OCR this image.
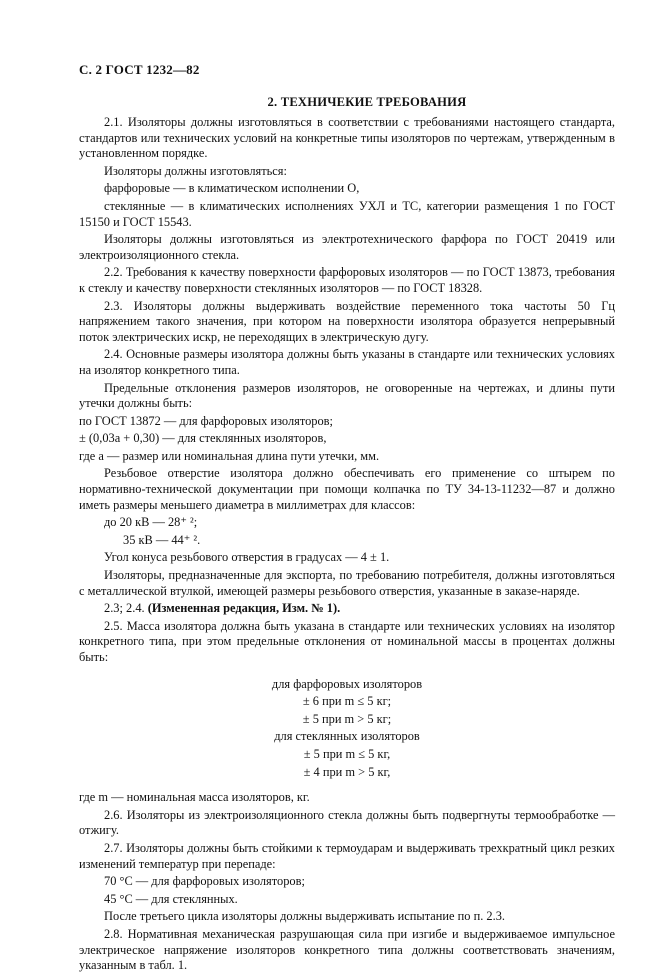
С. 2 ГОСТ 1232—82
2. ТЕХНИЧЕКИЕ ТРЕБОВАНИЯ

2.1. Изоляторы должны изготовляться в соответствии с требованиями настоящего стандарта, стандартов или технических условий на конкретные типы изоляторов по чертежам, утвержденным в установленном порядке.

Изоляторы должны изготовляться:

фарфоровые — в климатическом исполнении О,

стеклянные — в климатических исполнениях УХЛ и ТС, категории размещения 1 по ГОСТ 15150 и ГОСТ 15543.

Изоляторы должны изготовляться из электротехнического фарфора по ГОСТ 20419 или электроизоляционного стекла.

2.2. Требования к качеству поверхности фарфоровых изоляторов — по ГОСТ 13873, требования к стеклу и качеству поверхности стеклянных изоляторов — по ГОСТ 18328.

2.3. Изоляторы должны выдерживать воздействие переменного тока частоты 50 Гц напряжением такого значения, при котором на поверхности изолятора образуется непрерывный поток электрических искр, не переходящих в электрическую дугу.

2.4. Основные размеры изолятора должны быть указаны в стандарте или технических условиях на изолятор конкретного типа.

Предельные отклонения размеров изоляторов, не оговоренные на чертежах, и длины пути утечки должны быть:

по ГОСТ 13872 — для фарфоровых изоляторов;

± (0,03а + 0,30) — для стеклянных изоляторов,

где а — размер или номинальная длина пути утечки, мм.

Резьбовое отверстие изолятора должно обеспечивать его применение со штырем по нормативно-технической документации при помощи колпачка по ТУ 34-13-11232—87 и должно иметь размеры меньшего диаметра в миллиметрах для классов:

до 20 кВ — 28⁺ ²;

35 кВ — 44⁺ ².

Угол конуса резьбового отверстия в градусах — 4 ± 1.

Изоляторы, предназначенные для экспорта, по требованию потребителя, должны изготовляться с металлической втулкой, имеющей размеры резьбового отверстия, указанные в заказе-наряде.

2.3; 2.4. (Измененная редакция, Изм. № 1).

2.5. Масса изолятора должна быть указана в стандарте или технических условиях на изолятор конкретного типа, при этом предельные отклонения от номинальной массы в процентах должны быть:

для фарфоровых изоляторов

± 6 при m ≤ 5 кг;

± 5 при m > 5 кг;

для стеклянных изоляторов

± 5 при m ≤ 5 кг,

± 4 при m > 5 кг,

где m — номинальная масса изоляторов, кг.

2.6. Изоляторы из электроизоляционного стекла должны быть подвергнуты термообработке — отжигу.

2.7. Изоляторы должны быть стойкими к термоударам и выдерживать трехкратный цикл резких изменений температур при перепаде:

70 °С — для фарфоровых изоляторов;

45 °С — для стеклянных.

После третьего цикла изоляторы должны выдерживать испытание по п. 2.3.

2.8. Нормативная механическая разрушающая сила при изгибе и выдерживаемое импульсное электрическое напряжение изоляторов конкретного типа должны соответствовать значениям, указанным в табл. 1.
